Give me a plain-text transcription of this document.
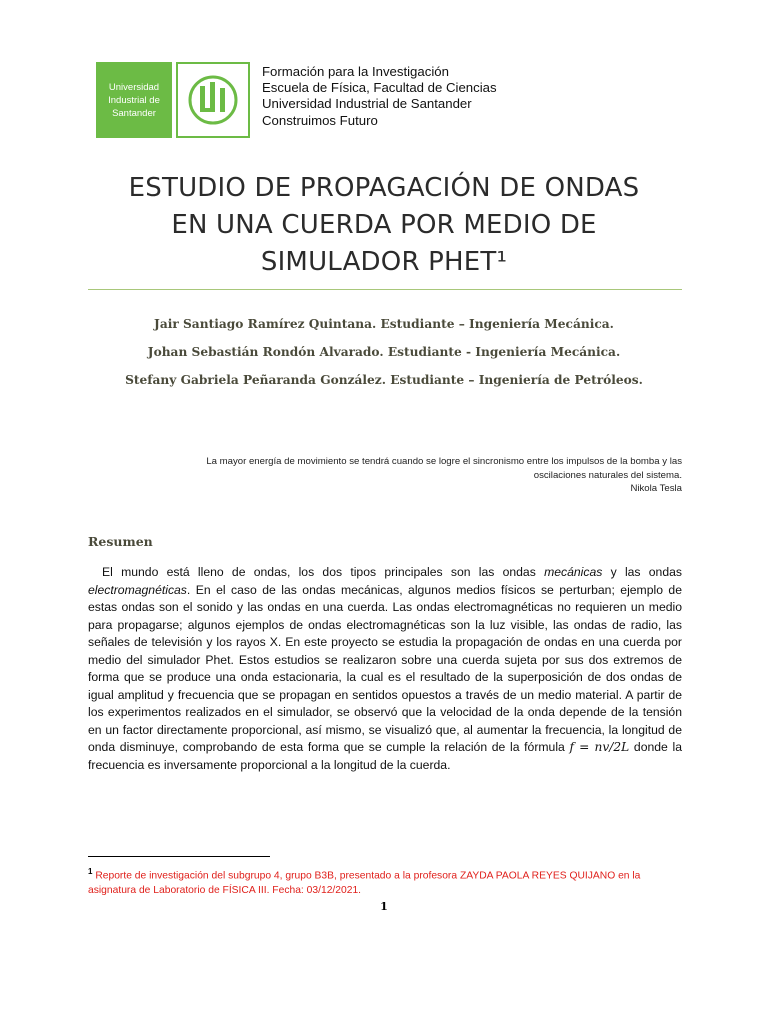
Universidad
Industrial de
Santander
Formación para la Investigación
Escuela de Física, Facultad de Ciencias
Universidad Industrial de Santander
Construimos Futuro
ESTUDIO DE PROPAGACIÓN DE ONDAS
EN UNA CUERDA POR MEDIO DE
SIMULADOR PHET¹
Jair Santiago Ramírez Quintana. Estudiante – Ingeniería Mecánica.
Johan Sebastián Rondón Alvarado. Estudiante - Ingeniería Mecánica.
Stefany Gabriela Peñaranda González. Estudiante – Ingeniería de Petróleos.
La mayor energía de movimiento se tendrá cuando se logre el sincronismo entre los impulsos de la bomba y las
oscilaciones naturales del sistema.
Nikola Tesla
Resumen

El mundo está lleno de ondas, los dos tipos principales son las ondas mecánicas y las ondas electromagnéticas. En el caso de las ondas mecánicas, algunos medios físicos se perturban; ejemplo de estas ondas son el sonido y las ondas en una cuerda. Las ondas electromagnéticas no requieren un medio para propagarse; algunos ejemplos de ondas electromagnéticas son la luz visible, las ondas de radio, las señales de televisión y los rayos X. En este proyecto se estudia la propagación de ondas en una cuerda por medio del simulador Phet. Estos estudios se realizaron sobre una cuerda sujeta por sus dos extremos de forma que se produce una onda estacionaria, la cual es el resultado de la superposición de dos ondas de igual amplitud y frecuencia que se propagan en sentidos opuestos a través de un medio material. A partir de los experimentos realizados en el simulador, se observó que la velocidad de la onda depende de la tensión en un factor directamente proporcional, así mismo, se visualizó que, al aumentar la frecuencia, la longitud de onda disminuye, comprobando de esta forma que se cumple la relación de la fórmula f = nv/2L donde la frecuencia es inversamente proporcional a la longitud de la cuerda.

$^1$ Reporte de investigación del subgrupo 4, grupo B3B, presentado a la profesora ZAYDA PAOLA REYES QUIJANO en la asignatura de Laboratorio de FÍSICA III. Fecha: 03/12/2021.
1
